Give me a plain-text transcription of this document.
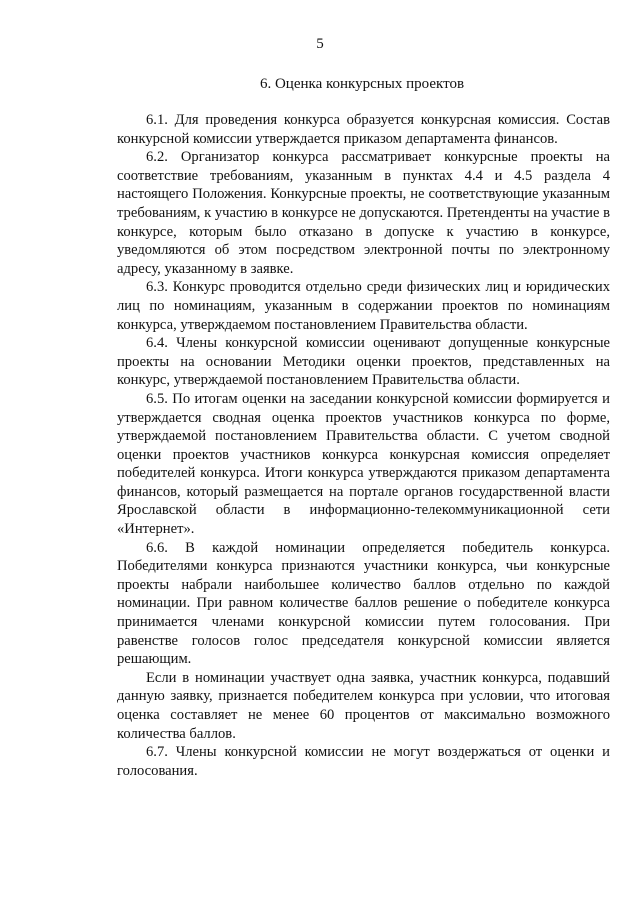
5
6. Оценка конкурсных проектов

6.1. Для проведения конкурса образуется конкурсная комиссия. Состав конкурсной комиссии утверждается приказом департамента финансов.

6.2. Организатор конкурса рассматривает конкурсные проекты на соответствие требованиям, указанным в пунктах 4.4 и 4.5 раздела 4 настоящего Положения. Конкурсные проекты, не соответствующие указанным требованиям, к участию в конкурсе не допускаются. Претенденты на участие в конкурсе, которым было отказано в допуске к участию в конкурсе, уведомляются об этом посредством электронной почты по электронному адресу, указанному в заявке.

6.3. Конкурс проводится отдельно среди физических лиц и юридических лиц по номинациям, указанным в содержании проектов по номинациям конкурса, утверждаемом постановлением Правительства области.

6.4. Члены конкурсной комиссии оценивают допущенные конкурсные проекты на основании Методики оценки проектов, представленных на конкурс, утверждаемой постановлением Правительства области.

6.5. По итогам оценки на заседании конкурсной комиссии формируется и утверждается сводная оценка проектов участников конкурса по форме, утверждаемой постановлением Правительства области. С учетом сводной оценки проектов участников конкурса конкурсная комиссия определяет победителей конкурса. Итоги конкурса утверждаются приказом департамента финансов, который размещается на портале органов государственной власти Ярославской области в информационно-телекоммуникационной сети «Интернет».

6.6. В каждой номинации определяется победитель конкурса. Победителями конкурса признаются участники конкурса, чьи конкурсные проекты набрали наибольшее количество баллов отдельно по каждой номинации. При равном количестве баллов решение о победителе конкурса принимается членами конкурсной комиссии путем голосования. При равенстве голосов голос председателя конкурсной комиссии является решающим.

Если в номинации участвует одна заявка, участник конкурса, подавший данную заявку, признается победителем конкурса при условии, что итоговая оценка составляет не менее 60 процентов от максимально возможного количества баллов.

6.7. Члены конкурсной комиссии не могут воздержаться от оценки и голосования.
